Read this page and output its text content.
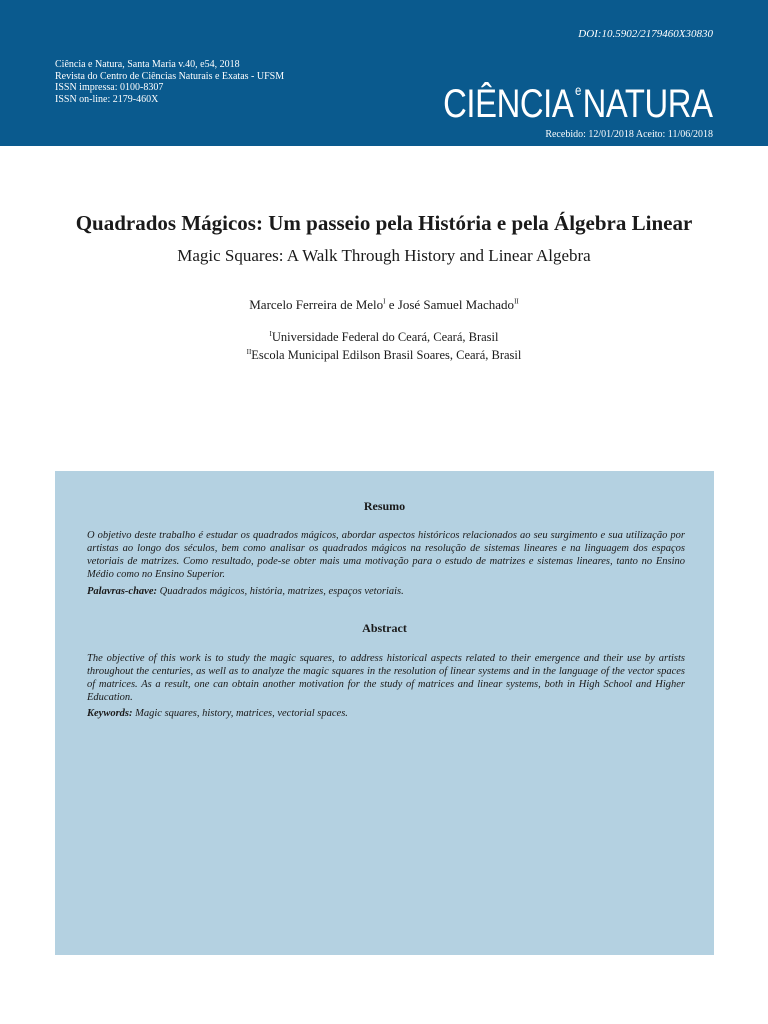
DOI:10.5902/2179460X30830
Ciência e Natura, Santa Maria v.40, e54, 2018
Revista do Centro de Ciências Naturais e Exatas - UFSM
ISSN impressa: 0100-8307
ISSN on-line: 2179-460X	CIÊNCIA $^e$NATURA
Recebido: 12/01/2018 Aceito: 11/06/2018
Quadrados Mágicos: Um passeio pela História e pela Álgebra Linear
Magic Squares: A Walk Through History and Linear Algebra
Marcelo Ferreira de Melo$^I$ e José Samuel Machado$^{II}$
$^I$Universidade Federal do Ceará, Ceará, Brasil
$^{II}$Escola Municipal Edilson Brasil Soares, Ceará, Brasil
Resumo
O objetivo deste trabalho é estudar os quadrados mágicos, abordar aspectos históricos relacionados ao seu surgimento e sua utilização por artistas ao longo dos séculos, bem como analisar os quadrados mágicos na resolução de sistemas lineares e na linguagem dos espaços vetoriais de matrizes. Como resultado, pode-se obter mais uma motivação para o estudo de matrizes e sistemas lineares, tanto no Ensino Médio como no Ensino Superior.
Palavras-chave: Quadrados mágicos, história, matrizes, espaços vetoriais.
Abstract
The objective of this work is to study the magic squares, to address historical aspects related to their emergence and their use by artists throughout the centuries, as well as to analyze the magic squares in the resolution of linear systems and in the language of the vector spaces of matrices. As a result, one can obtain another motivation for the study of matrices and linear systems, both in High School and Higher Education.
Keywords: Magic squares, history, matrices, vectorial spaces.
